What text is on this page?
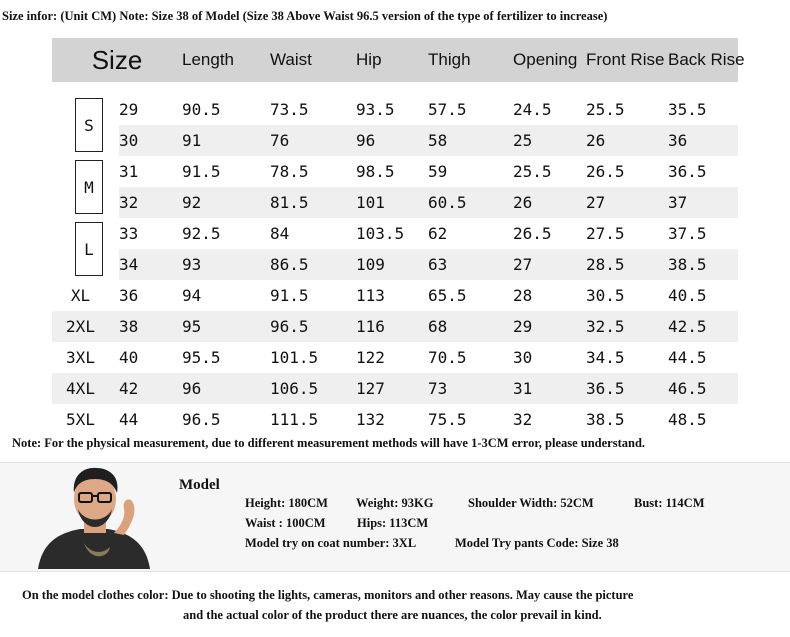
Size infor: (Unit CM) Note: Size 38 of Model (Size 38 Above Waist 96.5 version of the type of fertilizer to increase)
Size		Length	Waist	Hip	Thigh	Opening	Front Rise	Back Rise

S	29	90.5	73.5	93.5	57.5	24.5	25.5	35.5
	30	91	76	96	58	25	26	36

M	31	91.5	78.5	98.5	59	25.5	26.5	36.5
	32	92	81.5	101	60.5	26	27	37

L	33	92.5	84	103.5	62	26.5	27.5	37.5
	34	93	86.5	109	63	27	28.5	38.5
XL	36	94	91.5	113	65.5	28	30.5	40.5
2XL	38	95	96.5	116	68	29	32.5	42.5
3XL	40	95.5	101.5	122	70.5	30	34.5	44.5
4XL	42	96	106.5	127	73	31	36.5	46.5
5XL	44	96.5	111.5	132	75.5	32	38.5	48.5
Note: For the physical measurement, due to different measurement methods will have 1-3CM error, please understand.
Model
Height: 180CM Weight: 93KG	Shoulder Width: 52CM	Bust: 114CM
Waist : 100CM	Hips: 113CM
Model try on coat number: 3XL	Model Try pants Code: Size 38
On the model clothes color: Due to shooting the lights, cameras, monitors and other reasons. May cause the picture
and the actual color of the product there are nuances, the color prevail in kind.
